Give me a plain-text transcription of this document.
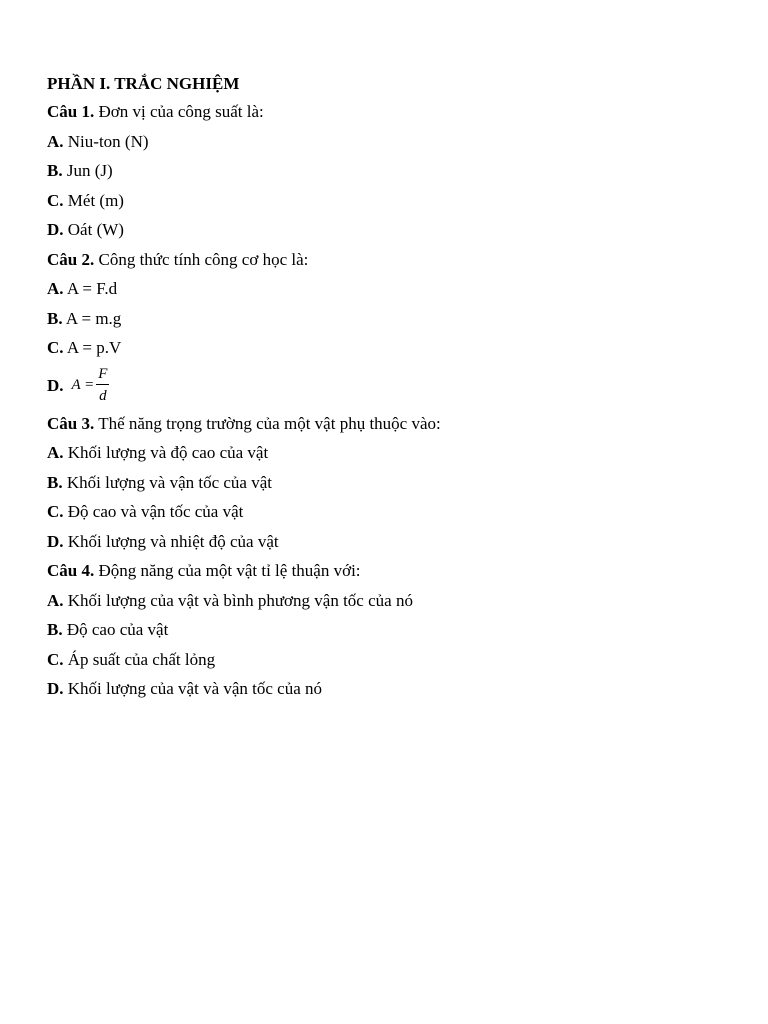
PHẦN I. TRẮC NGHIỆM
Câu 1. Đơn vị của công suất là:
A. Niu-ton (N)
B. Jun (J)
C. Mét (m)
D. Oát (W)
Câu 2. Công thức tính công cơ học là:
A. A = F.d
B. A = m.g
C. A = p.V
D. $A = \frac{F}{d}$
Câu 3. Thế năng trọng trường của một vật phụ thuộc vào:
A. Khối lượng và độ cao của vật
B. Khối lượng và vận tốc của vật
C. Độ cao và vận tốc của vật
D. Khối lượng và nhiệt độ của vật
Câu 4. Động năng của một vật tỉ lệ thuận với:
A. Khối lượng của vật và bình phương vận tốc của nó
B. Độ cao của vật
C. Áp suất của chất lỏng
D. Khối lượng của vật và vận tốc của nó
